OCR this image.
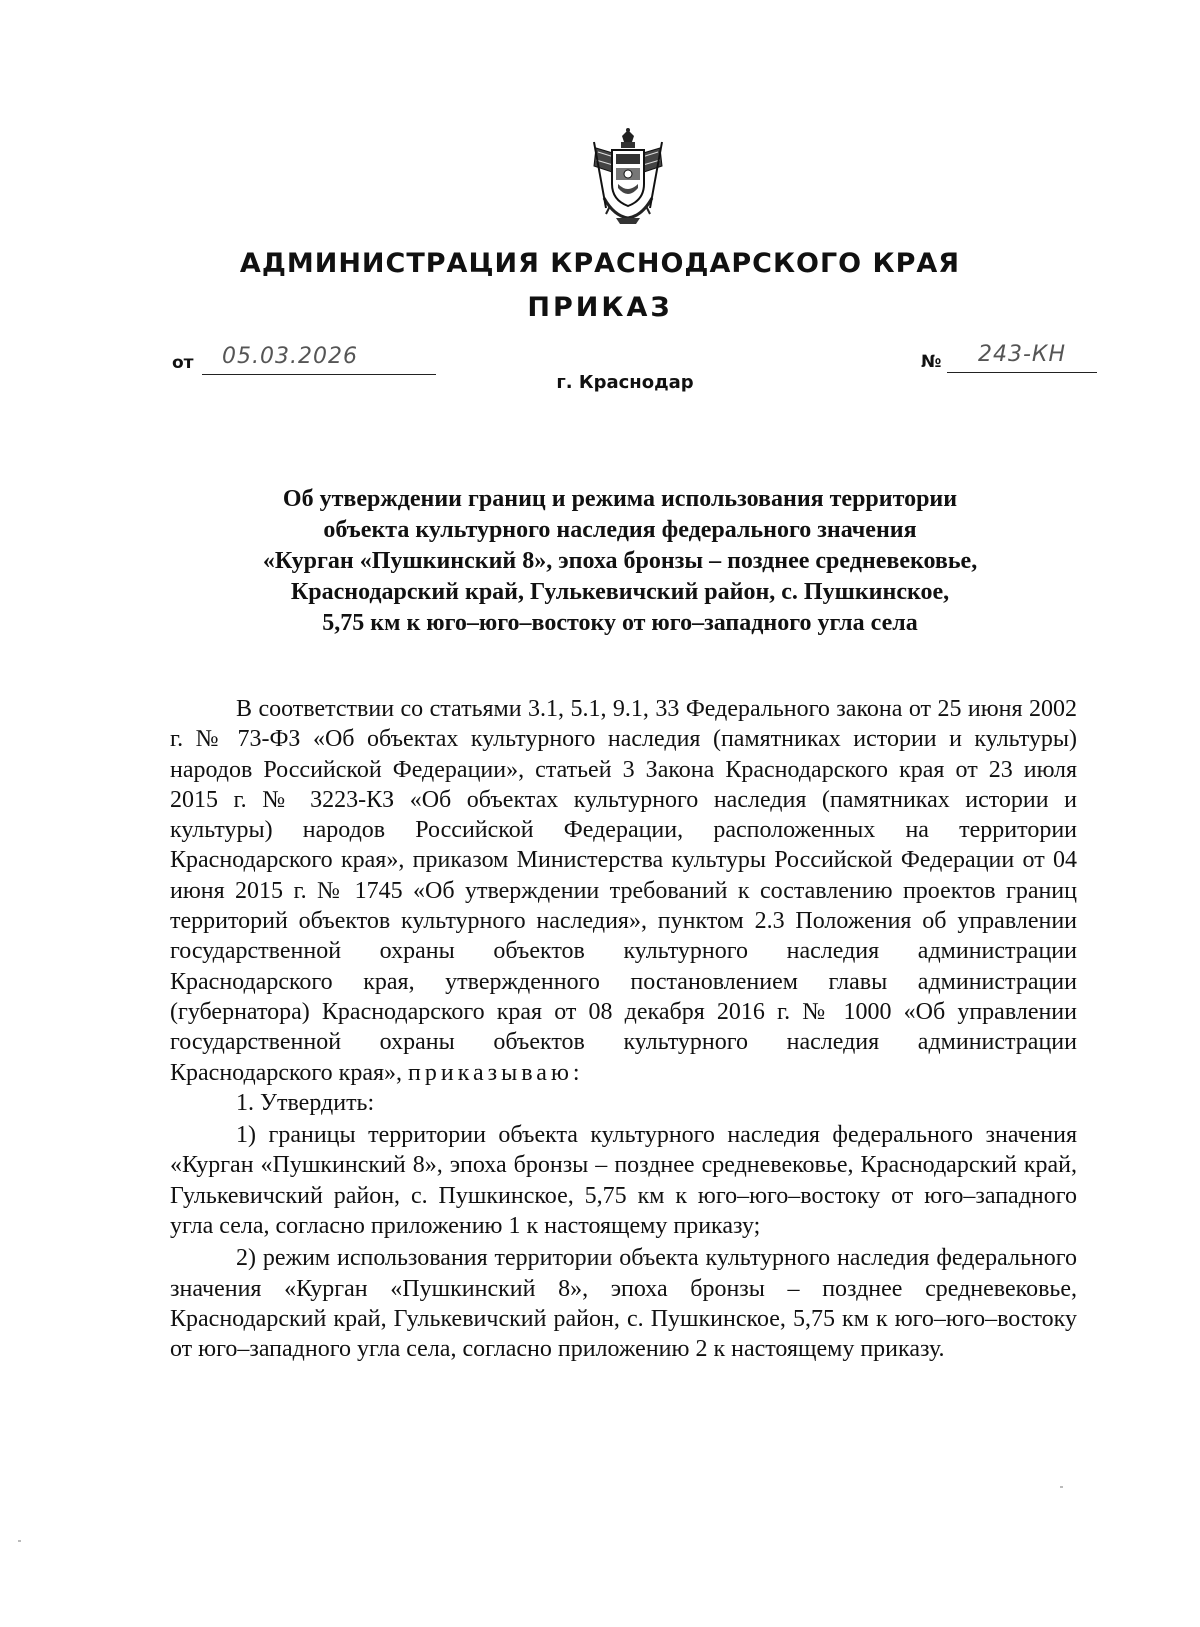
АДМИНИСТРАЦИЯ КРАСНОДАРСКОГО КРАЯ
ПРИКАЗ
от 05.03.2026	№ 243-КН
г. Краснодар
Об утверждении границ и режима использования территории
объекта культурного наследия федерального значения
«Курган «Пушкинский 8», эпоха бронзы – позднее средневековье,
Краснодарский край, Гулькевичский район, с. Пушкинское,
5,75 км к юго–юго–востоку от юго–западного угла села

В соответствии со статьями 3.1, 5.1, 9.1, 33 Федерального закона от 25 июня 2002 г. № 73-ФЗ «Об объектах культурного наследия (памятниках истории и культуры) народов Российской Федерации», статьей 3 Закона Краснодарского края от 23 июля 2015 г. № 3223-КЗ «Об объектах культурного наследия (памятниках истории и культуры) народов Российской Федерации, расположенных на территории Краснодарского края», приказом Министерства культуры Российской Федерации от 04 июня 2015 г. № 1745 «Об утверждении требований к составлению проектов границ территорий объектов культурного наследия», пунктом 2.3 Положения об управлении государственной охраны объектов культурного наследия администрации Краснодарского края, утвержденного постановлением главы администрации (губернатора) Краснодарского края от 08 декабря 2016 г. № 1000 «Об управлении государственной охраны объектов культурного наследия администрации Краснодарского края», приказываю:

1. Утвердить:

1) границы территории объекта культурного наследия федерального значения «Курган «Пушкинский 8», эпоха бронзы – позднее средневековье, Краснодарский край, Гулькевичский район, с. Пушкинское, 5,75 км к юго–юго–востоку от юго–западного угла села, согласно приложению 1 к настоящему приказу;

2) режим использования территории объекта культурного наследия федерального значения «Курган «Пушкинский 8», эпоха бронзы – позднее средневековье, Краснодарский край, Гулькевичский район, с. Пушкинское, 5,75 км к юго–юго–востоку от юго–западного угла села, согласно приложению 2 к настоящему приказу.
